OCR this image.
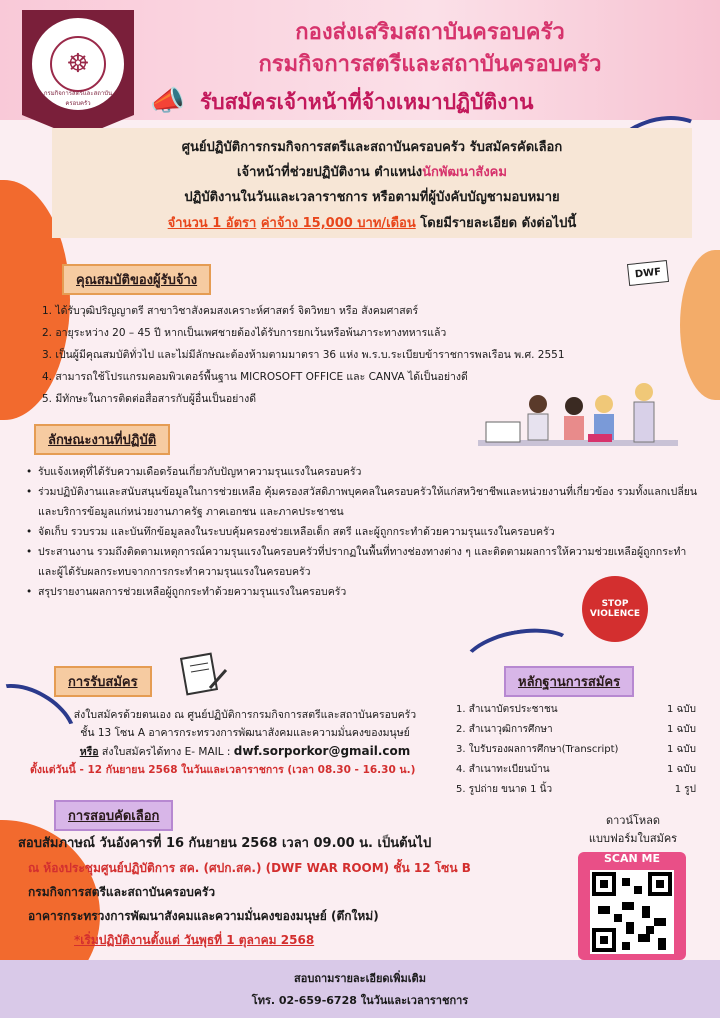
☸
กรมกิจการสตรีและสถาบันครอบครัว
กองส่งเสริมสถาบันครอบครัว
กรมกิจการสตรีและสถาบันครอบครัว
📣 รับสมัครเจ้าหน้าที่จ้างเหมาปฏิบัติงาน
ศูนย์ปฏิบัติการกรมกิจการสตรีและสถาบันครอบครัว รับสมัครคัดเลือก
เจ้าหน้าที่ช่วยปฏิบัติงาน ตำแหน่งนักพัฒนาสังคม
ปฏิบัติงานในวันและเวลาราชการ หรือตามที่ผู้บังคับบัญชามอบหมาย
จำนวน 1 อัตรา ค่าจ้าง 15,000 บาท/เดือน โดยมีรายละเอียด ดังต่อไปนี้
คุณสมบัติของผู้รับจ้าง	DWF
1. ได้รับวุฒิปริญญาตรี สาขาวิชาสังคมสงเคราะห์ศาสตร์ จิตวิทยา หรือ สังคมศาสตร์
2. อายุระหว่าง 20 – 45 ปี หากเป็นเพศชายต้องได้รับการยกเว้นหรือพ้นภาระทางทหารแล้ว
3. เป็นผู้มีคุณสมบัติทั่วไป และไม่มีลักษณะต้องห้ามตามมาตรา 36 แห่ง พ.ร.บ.ระเบียบข้าราชการพลเรือน พ.ศ. 2551
4. สามารถใช้โปรแกรมคอมพิวเตอร์พื้นฐาน MICROSOFT OFFICE และ CANVA ได้เป็นอย่างดี
5. มีทักษะในการติดต่อสื่อสารกับผู้อื่นเป็นอย่างดี
ลักษณะงานที่ปฏิบัติ
• รับแจ้งเหตุที่ได้รับความเดือดร้อนเกี่ยวกับปัญหาความรุนแรงในครอบครัว
• ร่วมปฏิบัติงานและสนับสนุนข้อมูลในการช่วยเหลือ คุ้มครองสวัสดิภาพบุคคลในครอบครัวให้แก่สหวิชาชีพและหน่วยงานที่เกี่ยวข้อง รวมทั้งแลกเปลี่ยนและบริการข้อมูลแก่หน่วยงานภาครัฐ ภาคเอกชน และภาคประชาชน
• จัดเก็บ รวบรวม และบันทึกข้อมูลลงในระบบคุ้มครองช่วยเหลือเด็ก สตรี และผู้ถูกกระทำด้วยความรุนแรงในครอบครัว
• ประสานงาน รวมถึงติดตามเหตุการณ์ความรุนแรงในครอบครัวที่ปรากฏในพื้นที่ทางช่องทางต่าง ๆ และติดตามผลการให้ความช่วยเหลือผู้ถูกกระทำและผู้ได้รับผลกระทบจากการกระทำความรุนแรงในครอบครัว
• สรุปรายงานผลการช่วยเหลือผู้ถูกกระทำด้วยความรุนแรงในครอบครัว
STOP VIOLENCE
การรับสมัคร
ส่งใบสมัครด้วยตนเอง ณ ศูนย์ปฏิบัติการกรมกิจการสตรีและสถาบันครอบครัว
ชั้น 13 โซน A อาคารกระทรวงการพัฒนาสังคมและความมั่นคงของมนุษย์
หรือ ส่งใบสมัครได้ทาง E- MAIL : dwf.sorporkor@gmail.com
ตั้งแต่วันนี้ - 12 กันยายน 2568 ในวันและเวลาราชการ (เวลา 08.30 - 16.30 น.)
หลักฐานการสมัคร
1. สำเนาบัตรประชาชน	1 ฉบับ
2. สำเนาวุฒิการศึกษา	1 ฉบับ
3. ใบรับรองผลการศึกษา(Transcript)	1 ฉบับ
4. สำเนาทะเบียนบ้าน	1 ฉบับ
5. รูปถ่าย ขนาด 1 นิ้ว	1 รูป
การสอบคัดเลือก
สอบสัมภาษณ์ วันอังคารที่ 16 กันยายน 2568 เวลา 09.00 น. เป็นต้นไป
ณ ห้องประชุมศูนย์ปฏิบัติการ สค. (ศปก.สค.) (DWF WAR ROOM) ชั้น 12 โซน B
กรมกิจการสตรีและสถาบันครอบครัว
อาคารกระทรวงการพัฒนาสังคมและความมั่นคงของมนุษย์ (ตึกใหม่)
*เริ่มปฏิบัติงานตั้งแต่ วันพุธที่ 1 ตุลาคม 2568
ดาวน์โหลด
แบบฟอร์มใบสมัคร
SCAN ME
สอบถามรายละเอียดเพิ่มเติม
โทร. 02-659-6728 ในวันและเวลาราชการ
